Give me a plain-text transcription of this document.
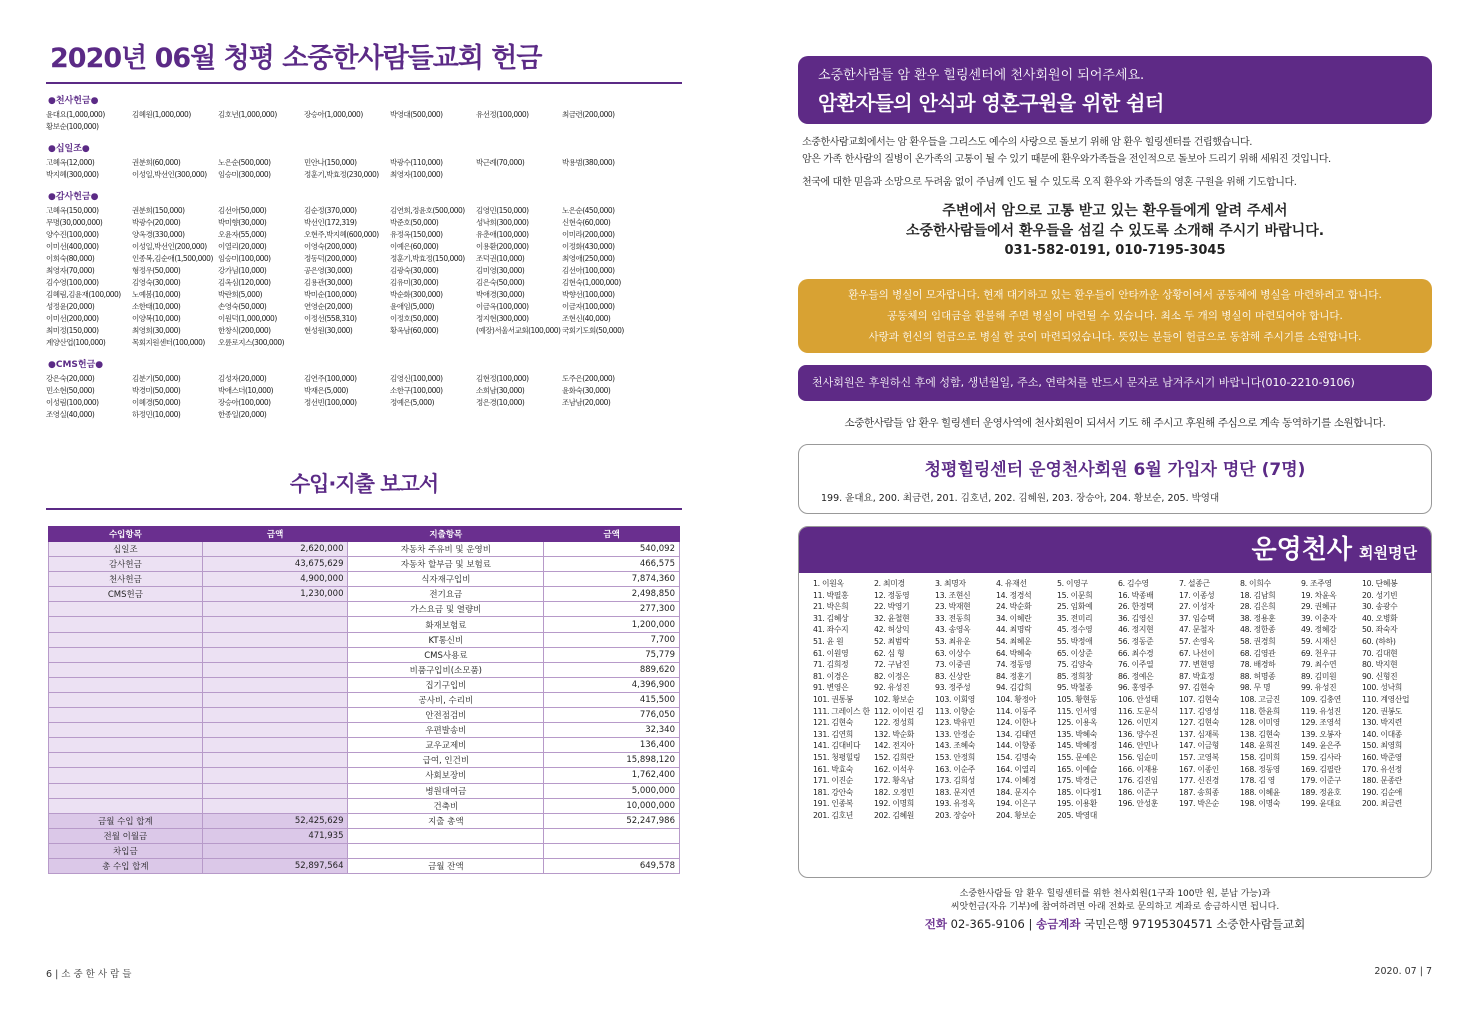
2020년 06월 청평 소중한사람들교회 헌금
●천사헌금●
윤대요(1,000,000)	김혜원(1,000,000)	김호년(1,000,000)	장승아(1,000,000)	박영대(500,000)	유선정(100,000)	최금련(200,000)
황보순(100,000)
●십일조●
고혜옥(12,000)	권분희(60,000)	노은순(500,000)	민안나(150,000)	박광수(110,000)	박근례(70,000)	박용범(380,000)
박지혜(300,000)	이성일,박선인(300,000)	임승미(300,000)	정훈기,박효정(230,000)	최영자(100,000)
●감사헌금●
고혜옥(150,000)	권분희(150,000)	김선아(50,000)	김순정(370,000)	김연희,정윤호(500,000)	김영민(150,000)	노은순(450,000)
무명(30,000,000)	박광수(20,000)	박미향(30,000)	박선인(172,319)	박준호(50,000)	성낙희(300,000)	신현숙(60,000)
양수진(100,000)	양옥경(330,000)	오윤자(55,000)	오현주,박지혜(600,000)	유정옥(150,000)	유춘애(100,000)	이미라(200,000)
이미선(400,000)	이성일,박선인(200,000)	이열리(20,000)	이영숙(200,000)	이예은(60,000)	이용환(200,000)	이정화(430,000)
이희숙(80,000)	인종복,김순애(1,500,000) 임승미(100,000)	정동덕(200,000)	정훈기,박효정(150,000)	조덕권(10,000)	최영애(250,000)
최영자(70,000)	형정우(50,000)	강가님(10,000)	공은영(30,000)	김광숙(30,000)	김미영(30,000)	김선아(100,000)
김수영(100,000)	김영숙(30,000)	김옥심(120,000)	김용관(30,000)	김유미(30,000)	김은숙(50,000)	김현숙(1,000,000)
김혜림,김윤재(100,000)	노예봄(10,000)	박란희(5,000)	박미순(100,000)	박순화(300,000)	박애경(30,000)	박향선(100,000)
성정윤(20,000)	소한태(10,000)	손영숙(50,000)	연영순(20,000)	윤애임(5,000)	이금옥(100,000)	이금자(100,000)
이미선(200,000)	이양복(10,000)	이원덕(1,000,000)	이정선(558,310)	이정호(50,000)	정지현(300,000)	조현신(40,000)
최미정(150,000)	최영희(30,000)	한창식(200,000)	현성원(30,000)	황옥남(60,000)	(예장)서울서교회(100,000) 국회기도회(50,000)
계양산업(100,000)	목회지원센터(100,000)	오륜로지스(300,000)
●CMS헌금●
강은숙(20,000)	김분기(50,000)	김성자(20,000)	김연주(100,000)	김영신(100,000)	김현정(100,000)	도주은(200,000)
민소현(50,000)	박경미(50,000)	박애스더(10,000)	박재은(5,000)	소한구(100,000)	소희남(30,000)	윤화숙(30,000)
이성림(100,000)	이혜경(50,000)	장승아(100,000)	정선빈(100,000)	정예은(5,000)	정은경(10,000)	조남남(20,000)
조영실(40,000)	하정민(10,000)	한종일(20,000)
수입·지출 보고서
수입항목	금액	지출항목	금액
십일조	2,620,000	자동차 주유비 및 운영비	540,092
감사헌금	43,675,629	자동차 할부금 및 보험료	466,575
천사헌금	4,900,000	식자재구입비	7,874,360
CMS헌금	1,230,000	전기요금	2,498,850
		가스요금 및 열량비	277,300
		화재보험료	1,200,000
		KT통신비	7,700
		CMS사용료	75,779
		비품구입비(소모품)	889,620
		집기구입비	4,396,900
		공사비, 수리비	415,500
		안전점검비	776,050
		우편발송비	32,340
		교우교제비	136,400
		급여, 인건비	15,898,120
		사회보장비	1,762,400
		병원대여금	5,000,000
		건축비	10,000,000
금월 수입 합계	52,425,629	지출 총액	52,247,986
전월 이월금	471,935		
차입금			
총 수입 합계	52,897,564	금월 잔액	649,578
6 | 소 중 한 사 람 들
소중한사람들 암 환우 힐링센터에 천사회원이 되어주세요.
암환자들의 안식과 영혼구원을 위한 쉼터
소중한사람교회에서는 암 환우들을 그리스도 예수의 사랑으로 돌보기 위해 암 환우 힐링센터를 건립했습니다.
암은 가족 한사람의 질병이 온가족의 고통이 될 수 있기 때문에 환우와가족들을 전인적으로 돌보아 드리기 위해 세워진 것입니다.
천국에 대한 믿음과 소망으로 두려움 없이 주님께 인도 될 수 있도록 오직 환우와 가족들의 영혼 구원을 위해 기도합니다.
주변에서 암으로 고통 받고 있는 환우들에게 알려 주세서
소중한사람들에서 환우들을 섬길 수 있도록 소개해 주시기 바랍니다.
031-582-0191, 010-7195-3045
환우들의 병실이 모자랍니다. 현재 대기하고 있는 환우들이 안타까운 상황이여서 공동체에 병실을 마련하려고 합니다.
공동체의 임대금을 환불해 주면 병실이 마련될 수 있습니다. 최소 두 개의 병실이 마련되어야 합니다.
사랑과 헌신의 헌금으로 병실 한 곳이 마련되었습니다. 뜻있는 분들이 헌금으로 동참해 주시기를 소원합니다.
천사회원은 후원하신 후에 성함, 생년월일, 주소, 연락처를 반드시 문자로 남겨주시기 바랍니다(010-2210-9106)
소중한사람들 암 환우 힐링센터 운영사역에 천사회원이 되셔서 기도 해 주시고 후원해 주심으로 계속 동역하기를 소원합니다.
청평힐링센터 운영천사회원 6월 가입자 명단 (7명)
199. 윤대요, 200. 최금련, 201. 김호년, 202. 김혜원, 203. 장승아, 204. 황보순, 205. 박영대
운영천사 회원명단
1. 이원옥	2. 최미경	3. 최명자	4. 유재선	5. 이영구	6. 김수영	7. 설종근	8. 이희수	9. 조주영	10. 단혜봉
11. 박필홍	12. 정동영	13. 조현신	14. 정경석	15. 이문희	16. 박종배	17. 이종성	18. 김남희	19. 차윤옥	20. 성기빈
21. 박은희	22. 박영기	23. 박재현	24. 박순화	25. 임화예	26. 한정택	27. 이성자	28. 김은희	29. 권혜규	30. 송광수
31. 김혜상	32. 윤철현	33. 전동희	34. 이혜란	35. 전미리	36. 김영신	37. 임승택	38. 정용훈	39. 이춘자	40. 오병화
41. 좌수지	42. 허상익	43. 송영옥	44. 최명락	45. 정수영	46. 정지현	47. 문철자	48. 정한종	49. 정혜강	50. 좌숙자
51. 윤 원	52. 최범락	53. 최유운	54. 최혜운	55. 박정애	56. 정동준	57. 손영옥	58. 권경희	59. 시재신	60. (하하)
61. 이원영	62. 심 형	63. 이상수	64. 박혜숙	65. 이상준	66. 최수경	67. 나선이	68. 김영관	69. 천우규	70. 김대현
71. 김희정	72. 구남진	73. 이중권	74. 정동영	75. 김양숙	76. 이주열	77. 변현영	78. 배경하	79. 최수연	80. 박지현
81. 이경은	82. 이정은	83. 신상란	84. 정훈기	85. 정희창	86. 정예은	87. 박효정	88. 허명종	89. 김미원	90. 신형진
91. 변영은	92. 유성진	93. 정주성	94. 김갑희	95. 박철종	96. 홍영주	97. 김현숙	98. 무 명	99. 유성진	100. 성낙희
101. 권통봉	102. 황보순	103. 이회영	104. 황정아	105. 황현동	106. 안성태	107. 김현숙	108. 고금진	109. 김충연	110. 계영산업
111. 그레이스 한 112. 이이린 김	113. 이향순	114. 이동주	115. 인서영	116. 도문식	117. 김영성	118. 한윤희	119. 유성진	120. 권봉도
121. 김현숙	122. 정성희	123. 박유민	124. 이한나	125. 이용옥	126. 이민지	127. 김현숙	128. 이미영	129. 조영석	130. 박지련
131. 김연희	132. 박순화	133. 안정순	134. 김태연	135. 박혜숙	136. 양수진	137. 심재록	138. 김현숙	139. 오봉자	140. 이대종
141. 김대비다	142. 전지아	143. 조혜숙	144. 이향종	145. 박혜정	146. 안민나	147. 이금형	148. 윤희진	149. 윤은주	150. 최영희
151. 청평힐링	152. 김희란	153. 안정희	154. 김명숙	155. 문예은	156. 임순미	157. 고영복	158. 김미희	159. 김사라	160. 박준영
161. 박효숙	162. 이석우	163. 이순주	164. 이열리	165. 이예슬	166. 이재용	167. 이종인	168. 정동영	169. 김필란	170. 유선정
171. 이진순	172. 황옥남	173. 김희성	174. 이혜경	175. 박경근	176. 김진임	177. 신진경	178. 김 영	179. 이준구	180. 문종란
181. 강안숙	182. 오정민	183. 문지연	184. 문지수	185. 이다정1	186. 이준구	187. 송희종	188. 이혜윤	189. 정윤호	190. 김순애
191. 인종복	192. 이명희	193. 유정옥	194. 이은구	195. 이용환	196. 안성훈	197. 박은순	198. 이명숙	199. 윤대요	200. 최금련
201. 김호년	202. 김혜원	203. 장승아	204. 황보순	205. 박영대
소중한사람들 암 환우 힐링센터를 위한 천사회원(1구좌 100만 원, 분납 가능)과
씨앗헌금(자유 기부)에 참여하려면 아래 전화로 문의하고 계좌로 송금하시면 됩니다.
전화 02-365-9106 | 송금계좌 국민은행 97195304571 소중한사람들교회
2020. 07 | 7
